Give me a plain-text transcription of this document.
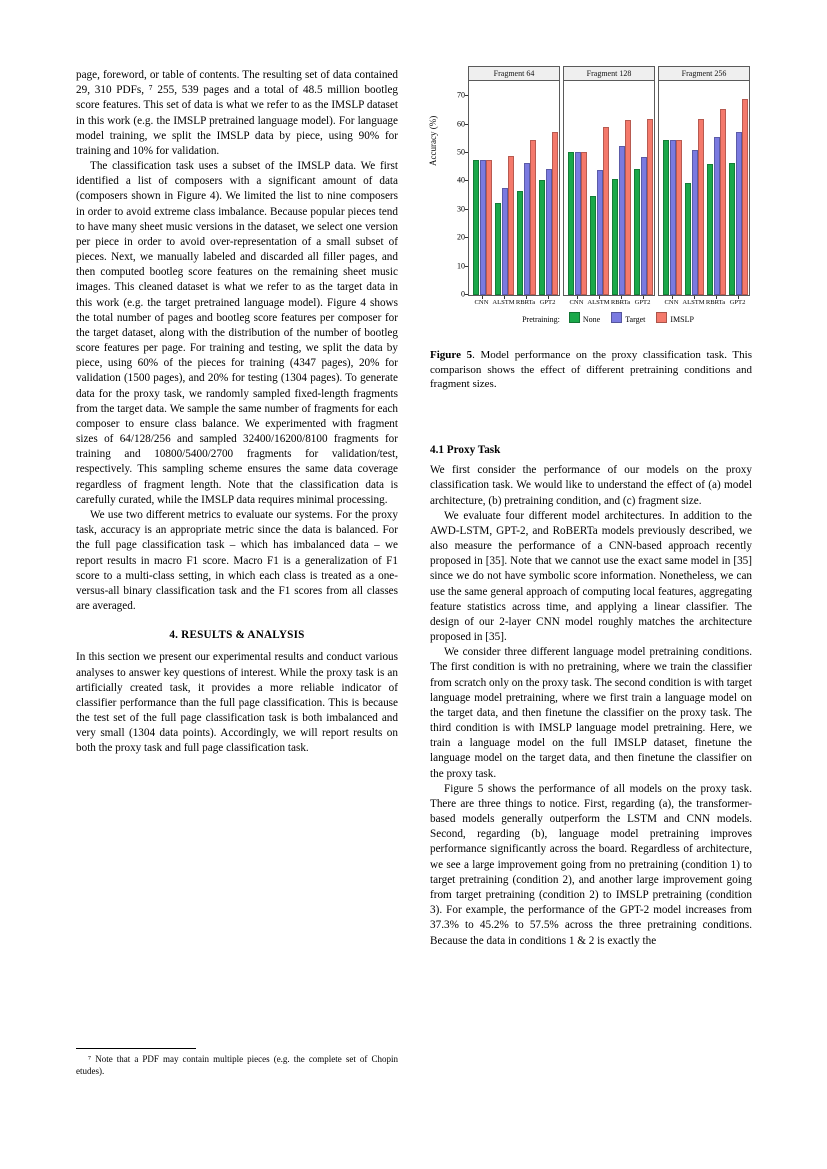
page, foreword, or table of contents. The resulting set of data contained 29, 310 PDFs, ⁷ 255, 539 pages and a total of 48.5 million bootleg score features. This set of data is what we refer to as the IMSLP dataset in this work (e.g. the IMSLP pretrained language model). For language model training, we split the IMSLP data by piece, using 90% for training and 10% for validation.

The classification task uses a subset of the IMSLP data. We first identified a list of composers with a significant amount of data (composers shown in Figure 4). We limited the list to nine composers in order to avoid extreme class imbalance. Because popular pieces tend to have many sheet music versions in the dataset, we select one version per piece in order to avoid over-representation of a small subset of pieces. Next, we manually labeled and discarded all filler pages, and then computed bootleg score features on the remaining sheet music images. This cleaned dataset is what we refer to as the target data in this work (e.g. the target pretrained language model). Figure 4 shows the total number of pages and bootleg score features per composer for the target dataset, along with the distribution of the number of bootleg score features per page. For training and testing, we split the data by piece, using 60% of the pieces for training (4347 pages), 20% for validation (1500 pages), and 20% for testing (1304 pages). To generate data for the proxy task, we randomly sampled fixed-length fragments from the target data. We sample the same number of fragments for each composer to ensure class balance. We experimented with fragment sizes of 64/128/256 and sampled 32400/16200/8100 fragments for training and 10800/5400/2700 fragments for validation/test, respectively. This sampling scheme ensures the same data coverage regardless of fragment length. Note that the classification data is carefully curated, while the IMSLP data requires minimal processing.

We use two different metrics to evaluate our systems. For the proxy task, accuracy is an appropriate metric since the data is balanced. For the full page classification task – which has imbalanced data – we report results in macro F1 score. Macro F1 is a generalization of F1 score to a multi-class setting, in which each class is treated as a one-versus-all binary classification task and the F1 scores from all classes are averaged.

4. RESULTS & ANALYSIS

In this section we present our experimental results and conduct various analyses to answer key questions of interest. While the proxy task is an artificially created task, it provides a more reliable indicator of classifier performance than the full page classification. This is because the test set of the full page classification task is both imbalanced and very small (1304 data points). Accordingly, we will report results on both the proxy task and full page classification task.

⁷ Note that a PDF may contain multiple pieces (e.g. the complete set of Chopin etudes).
Accuracy (%)
Fragment 64
CNN ALSTM RBRTa GPT2
0
10
20
30
40
50
60
70
Fragment 128
CNN ALSTM RBRTa GPT2
Fragment 256
CNN ALSTM RBRTa GPT2
Pretraining:	None	Target	IMSLP
Figure 5. Model performance on the proxy classification task. This comparison shows the effect of different pretraining conditions and fragment sizes.
4.1 Proxy Task

We first consider the performance of our models on the proxy classification task. We would like to understand the effect of (a) model architecture, (b) pretraining condition, and (c) fragment size.

We evaluate four different model architectures. In addition to the AWD-LSTM, GPT-2, and RoBERTa models previously described, we also measure the performance of a CNN-based approach recently proposed in [35]. Note that we cannot use the exact same model in [35] since we do not have symbolic score information. Nonetheless, we can use the same general approach of computing local features, aggregating feature statistics across time, and applying a linear classifier. The design of our 2-layer CNN model roughly matches the architecture proposed in [35].

We consider three different language model pretraining conditions. The first condition is with no pretraining, where we train the classifier from scratch only on the proxy task. The second condition is with target language model pretraining, where we first train a language model on the target data, and then finetune the classifier on the proxy task. The third condition is with IMSLP language model pretraining. Here, we train a language model on the full IMSLP dataset, finetune the language model on the target data, and then finetune the classifier on the proxy task.

Figure 5 shows the performance of all models on the proxy task. There are three things to notice. First, regarding (a), the transformer-based models generally outperform the LSTM and CNN models. Second, regarding (b), language model pretraining improves performance significantly across the board. Regardless of architecture, we see a large improvement going from no pretraining (condition 1) to target pretraining (condition 2), and another large improvement going from target pretraining (condition 2) to IMSLP pretraining (condition 3). For example, the performance of the GPT-2 model increases from 37.3% to 45.2% to 57.5% across the three pretraining conditions. Because the data in conditions 1 & 2 is exactly the
